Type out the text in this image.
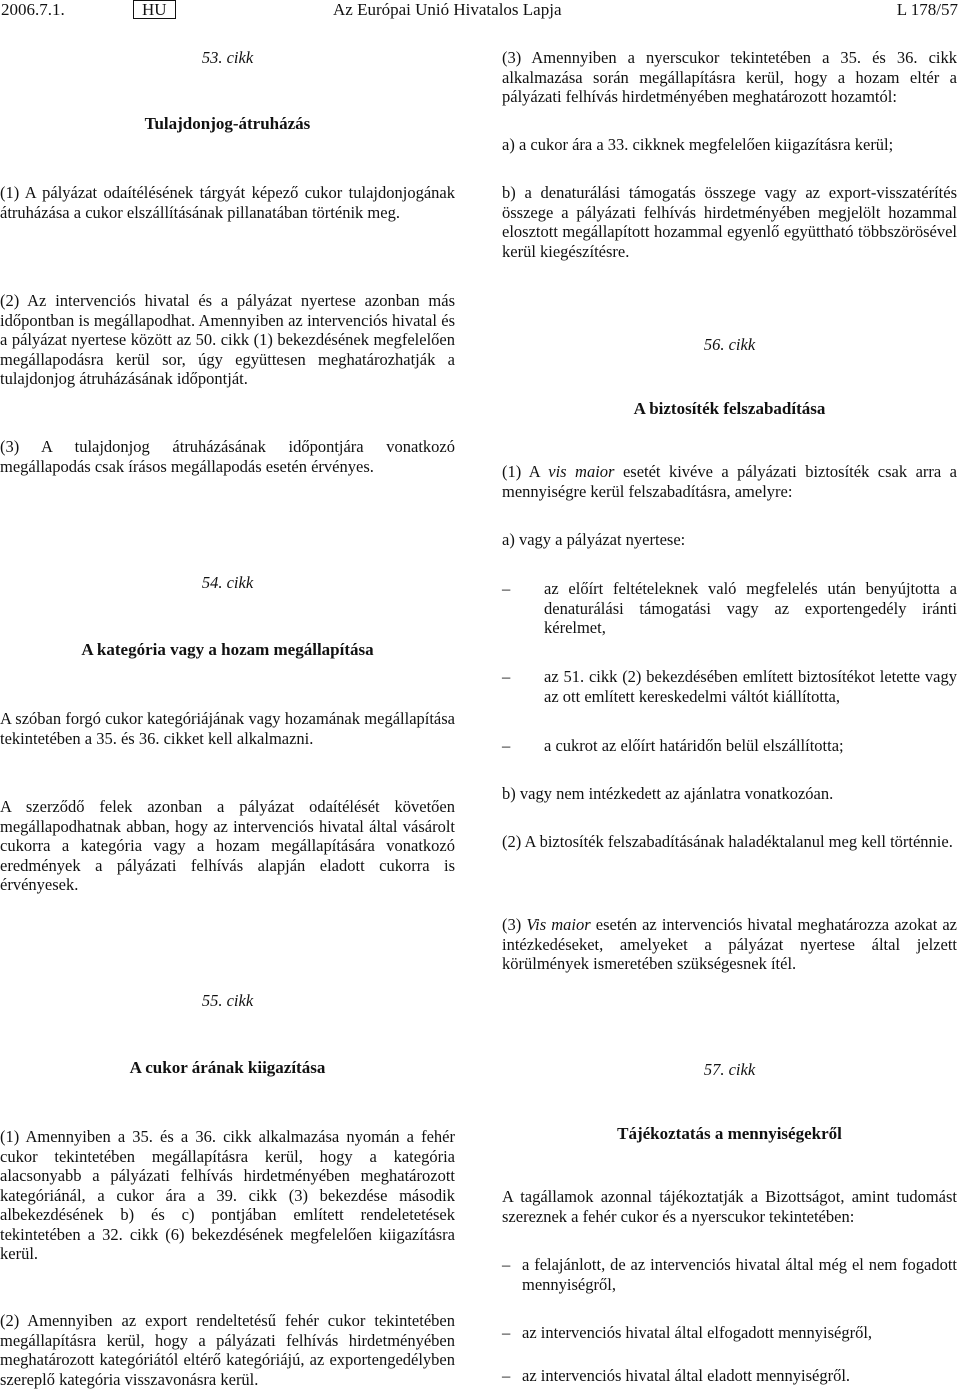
2006.7.1.	HU	Az Európai Unió Hivatalos Lapja	L 178/57
53. cikk
Tulajdonjog-átruházás

(1) A pályázat odaítélésének tárgyát képező cukor tulajdonjogának átruházása a cukor elszállításának pillanatában történik meg.

(2) Az intervenciós hivatal és a pályázat nyertese azonban más időpontban is megállapodhat. Amennyiben az intervenciós hivatal és a pályázat nyertese között az 50. cikk (1) bekezdésének megfelelően megállapodásra kerül sor, úgy együttesen meghatározhatják a tulajdonjog átruházásának időpontját.

(3) A tulajdonjog átruházásának időpontjára vonatkozó megállapodás csak írásos megállapodás esetén érvényes.

54. cikk
A kategória vagy a hozam megállapítása

A szóban forgó cukor kategóriájának vagy hozamának megállapítása tekintetében a 35. és 36. cikket kell alkalmazni.

A szerződő felek azonban a pályázat odaítélését követően megállapodhatnak abban, hogy az intervenciós hivatal által vásárolt cukorra a kategória vagy a hozam megállapítására vonatkozó eredmények a pályázati felhívás alapján eladott cukorra is érvényesek.

55. cikk
A cukor árának kiigazítása

(1) Amennyiben a 35. és a 36. cikk alkalmazása nyomán a fehér cukor tekintetében megállapításra kerül, hogy a kategória alacsonyabb a pályázati felhívás hirdetményében meghatározott kategóriánál, a cukor ára a 39. cikk (3) bekezdése második albekezdésének b) és c) pontjában említett rendeletetések tekintetében a 32. cikk (6) bekezdésének megfelelően kiigazításra kerül.

(2) Amennyiben az export rendeltetésű fehér cukor tekintetében megállapításra kerül, hogy a pályázati felhívás hirdetményében meghatározott kategóriától eltérő kategóriájú, az exportengedélyben szereplő kategória visszavonásra kerül.

(3) Amennyiben a nyerscukor tekintetében a 35. és 36. cikk alkalmazása során megállapításra kerül, hogy a hozam eltér a pályázati felhívás hirdetményében meghatározott hozamtól:

a) a cukor ára a 33. cikknek megfelelően kiigazításra kerül;

b) a denaturálási támogatás összege vagy az export-visszatérítés összege a pályázati felhívás hirdetményében megjelölt hozammal elosztott megállapított hozammal egyenlő együttható többszörösével kerül kiegészítésre.

56. cikk
A biztosíték felszabadítása

(1) A vis maior esetét kivéve a pályázati biztosíték csak arra a mennyiségre kerül felszabadításra, amelyre:

a) vagy a pályázat nyertese:

– az előírt feltételeknek való megfelelés után benyújtotta a denaturálási támogatási vagy az exportengedély iránti kérelmet,
– az 51. cikk (2) bekezdésében említett biztosítékot letette vagy az ott említett kereskedelmi váltót kiállította,
– a cukrot az előírt határidőn belül elszállította;

b) vagy nem intézkedett az ajánlatra vonatkozóan.

(2) A biztosíték felszabadításának haladéktalanul meg kell történnie.

(3) Vis maior esetén az intervenciós hivatal meghatározza azokat az intézkedéseket, amelyeket a pályázat nyertese által jelzett körülmények ismeretében szükségesnek ítél.

57. cikk
Tájékoztatás a mennyiségekről

A tagállamok azonnal tájékoztatják a Bizottságot, amint tudomást szereznek a fehér cukor és a nyerscukor tekintetében:

– a felajánlott, de az intervenciós hivatal által még el nem fogadott mennyiségről,
– az intervenciós hivatal által elfogadott mennyiségről,
– az intervenciós hivatal által eladott mennyiségről.
